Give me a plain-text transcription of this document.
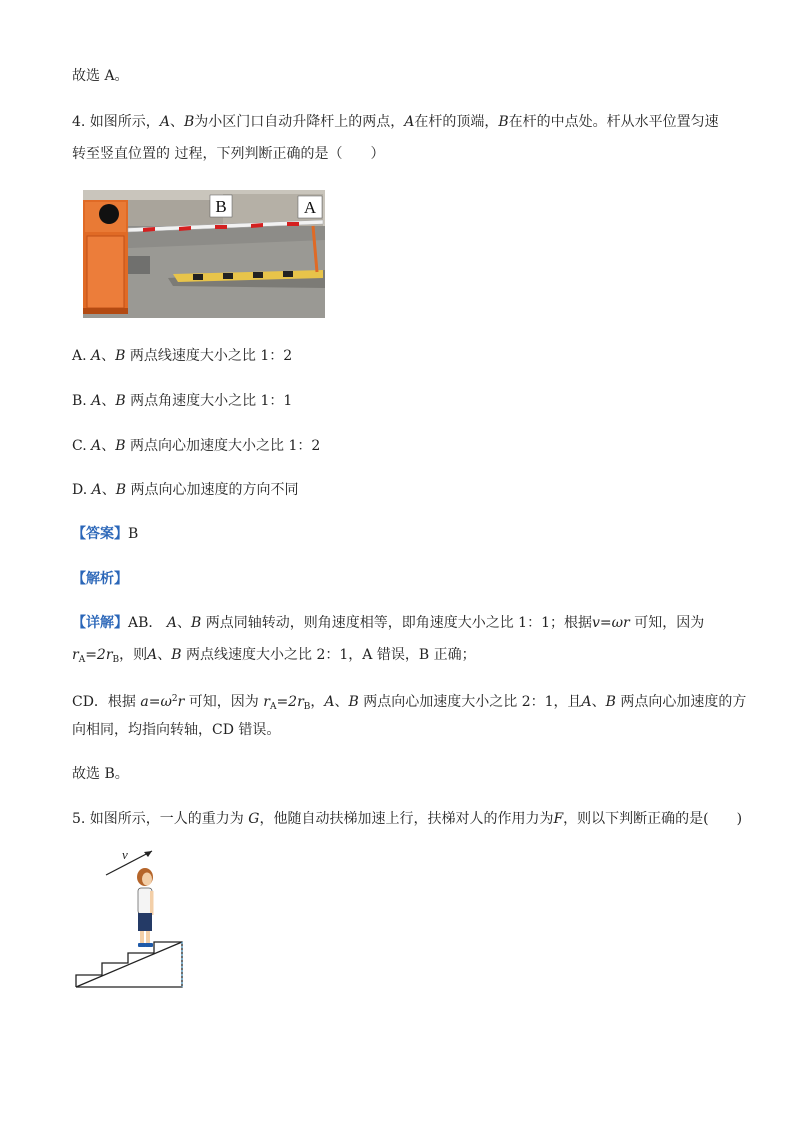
故选 A。
4. 如图所示，A、B为小区门口自动升降杆上的两点，A在杆的顶端，B在杆的中点处。杆从水平位置匀速
转至竖直位置的 过程，下列判断正确的是（　　）
A
B
A. A、B 两点线速度大小之比 1：2
B. A、B 两点角速度大小之比 1：1
C. A、B 两点向心加速度大小之比 1：2
D. A、B 两点向心加速度的方向不同
【答案】B
【解析】
【详解】AB． A、B 两点同轴转动，则角速度相等，即角速度大小之比 1：1；根据v=ωr 可知，因为
$r_A=2r_B$，则A、B 两点线速度大小之比 2：1，A 错误，B 正确；
CD．根据 $a=\omega^2r$ 可知，因为 $r_A=2r_B$，A、B 两点向心加速度大小之比 2：1，且A、B 两点向心加速度的方
向相同，均指向转轴，CD 错误。
故选 B。
5. 如图所示，一人的重力为 G，他随自动扶梯加速上行，扶梯对人的作用力为F，则以下判断正确的是(　　)
v
